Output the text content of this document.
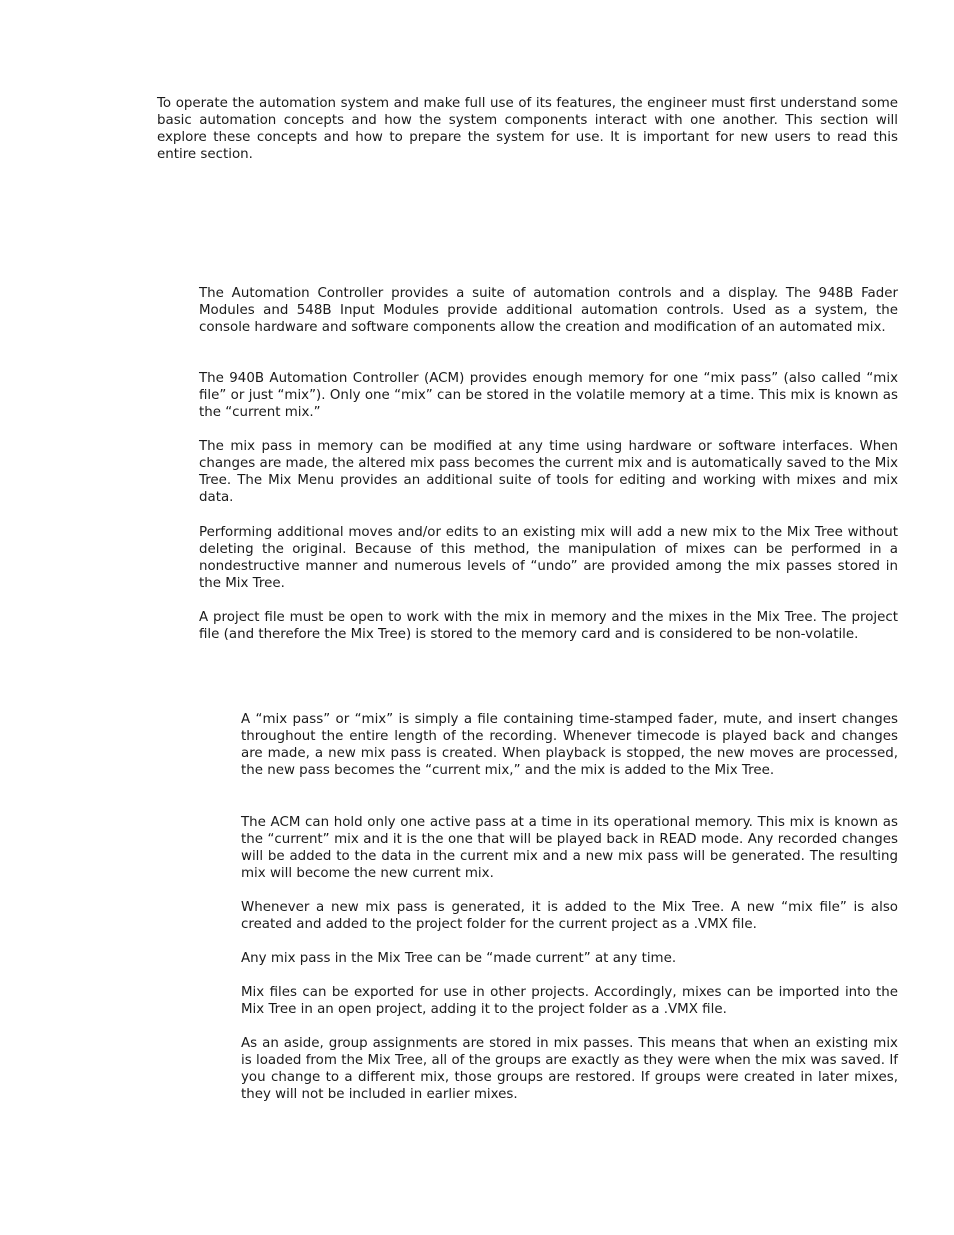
To operate the automation system and make full use of its features, the engineer must first understand some basic automation concepts and how the system components interact with one another. This section will explore these concepts and how to prepare the system for use. It is important for new users to read this entire section.

The Automation Controller provides a suite of automation controls and a display. The 948B Fader Modules and 548B Input Modules provide additional automation controls. Used as a system, the console hardware and software components allow the creation and modification of an automated mix.

The 940B Automation Controller (ACM) provides enough memory for one “mix pass” (also called “mix file” or just “mix”). Only one “mix” can be stored in the volatile memory at a time. This mix is known as the “current mix.”

The mix pass in memory can be modified at any time using hardware or software interfaces. When changes are made, the altered mix pass becomes the current mix and is automatically saved to the Mix Tree. The Mix Menu provides an additional suite of tools for editing and working with mixes and mix data.

Performing additional moves and/or edits to an existing mix will add a new mix to the Mix Tree without deleting the original. Because of this method, the manipulation of mixes can be performed in a nondestructive manner and numerous levels of “undo” are provided among the mix passes stored in the Mix Tree.

A project file must be open to work with the mix in memory and the mixes in the Mix Tree. The project file (and therefore the Mix Tree) is stored to the memory card and is considered to be non-volatile.

A “mix pass” or “mix” is simply a file containing time-stamped fader, mute, and insert changes throughout the entire length of the recording. Whenever timecode is played back and changes are made, a new mix pass is created. When playback is stopped, the new moves are processed, the new pass becomes the “current mix,” and the mix is added to the Mix Tree.

The ACM can hold only one active pass at a time in its operational memory. This mix is known as the “current” mix and it is the one that will be played back in READ mode. Any recorded changes will be added to the data in the current mix and a new mix pass will be generated. The resulting mix will become the new current mix.

Whenever a new mix pass is generated, it is added to the Mix Tree. A new “mix file” is also created and added to the project folder for the current project as a .VMX file.

Any mix pass in the Mix Tree can be “made current” at any time.

Mix files can be exported for use in other projects. Accordingly, mixes can be imported into the Mix Tree in an open project, adding it to the project folder as a .VMX file.

As an aside, group assignments are stored in mix passes. This means that when an existing mix is loaded from the Mix Tree, all of the groups are exactly as they were when the mix was saved. If you change to a different mix, those groups are restored. If groups were created in later mixes, they will not be included in earlier mixes.
